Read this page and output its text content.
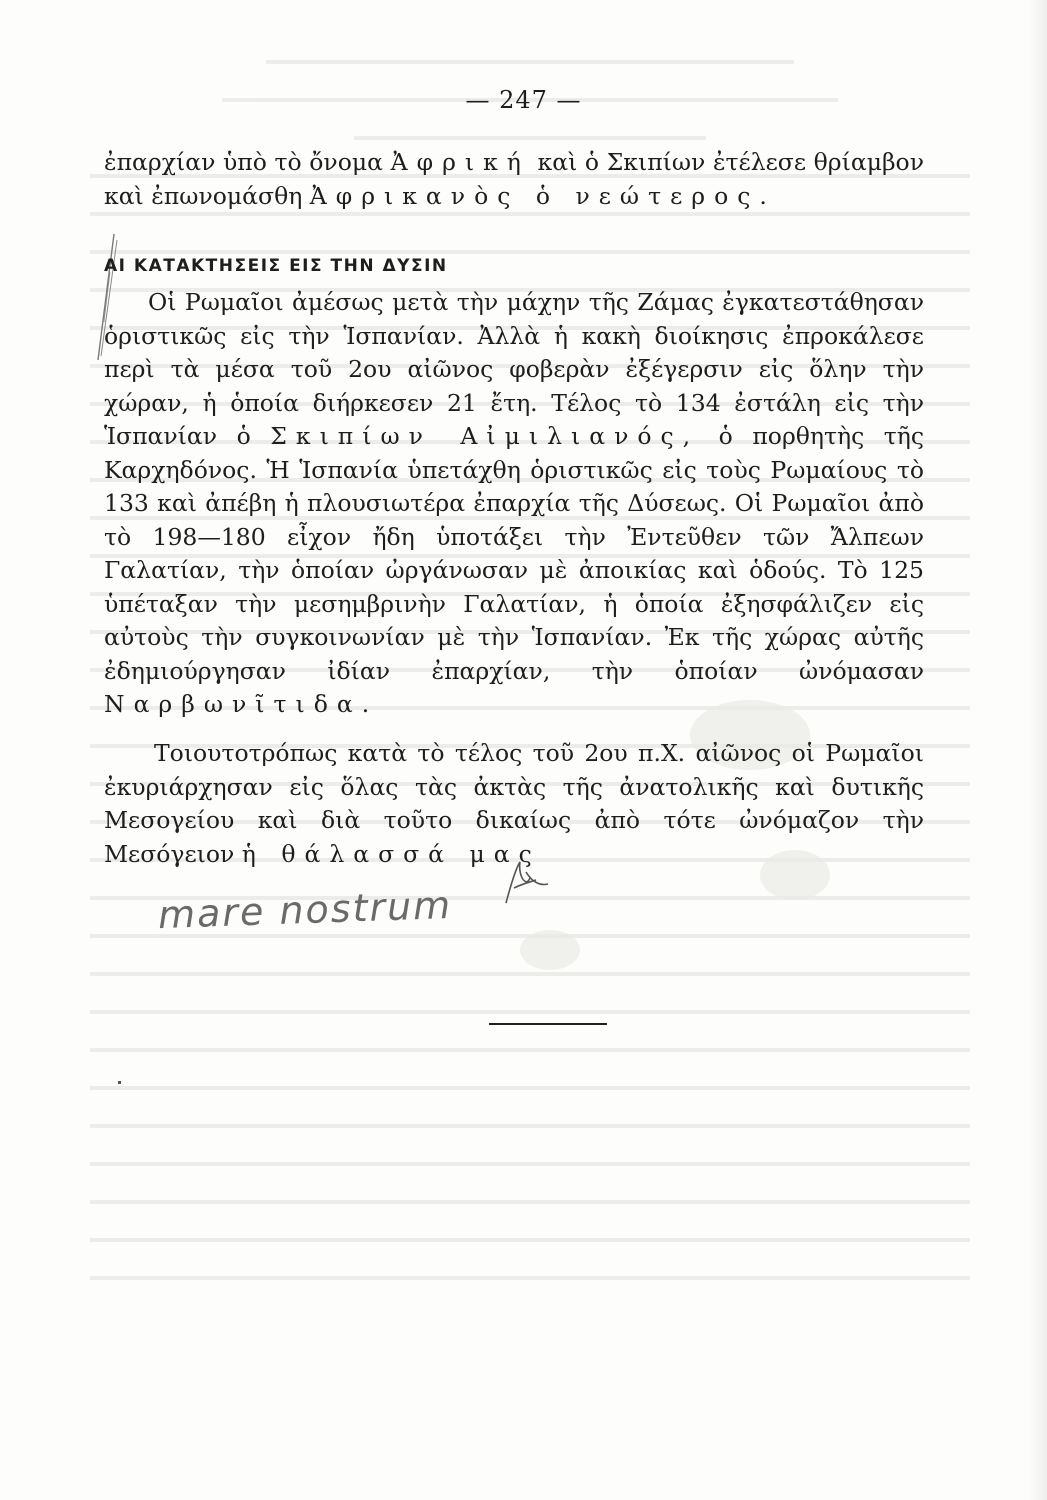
— 247 —
ἐπαρχίαν ὑπὸ τὸ ὄνομα Ἀφρική καὶ ὁ Σκιπίων ἐτέλεσε θρίαμβον καὶ ἐπωνομάσθη Ἀφρικανὸς ὁ νεώτερος.
ΑΙ ΚΑΤΑΚΤΗΣΕΙΣ ΕΙΣ ΤΗΝ ΔΥΣΙΝ
Οἱ Ρωμαῖοι ἀμέσως μετὰ τὴν μάχην τῆς Ζάμας ἐγκατεστάθησαν ὁριστικῶς εἰς τὴν Ἱσπανίαν. Ἀλλὰ ἡ κακὴ διοίκησις ἐπροκάλεσε περὶ τὰ μέσα τοῦ 2ου αἰῶνος φοβερὰν ἐξέγερσιν εἰς ὅλην τὴν χώραν, ἡ ὁποία διήρκεσεν 21 ἔτη. Τέλος τὸ 134 ἐστάλη εἰς τὴν Ἱσπανίαν ὁ Σκιπίων Αἰμιλιανός, ὁ πορθητὴς τῆς Καρχηδόνος. Ἡ Ἱσπανία ὑπετάχθη ὁριστικῶς εἰς τοὺς Ρωμαίους τὸ 133 καὶ ἀπέβη ἡ πλουσιωτέρα ἐπαρχία τῆς Δύσεως. Οἱ Ρωμαῖοι ἀπὸ τὸ 198—180 εἶχον ἤδη ὑποτάξει τὴν Ἐντεῦθεν τῶν Ἄλπεων Γαλατίαν, τὴν ὁποίαν ὠργάνωσαν μὲ ἀποικίας καὶ ὁδούς. Τὸ 125 ὑπέταξαν τὴν μεσημβρινὴν Γαλατίαν, ἡ ὁποία ἐξησφάλιζεν εἰς αὐτοὺς τὴν συγκοινωνίαν μὲ τὴν Ἱσπανίαν. Ἐκ τῆς χώρας αὐτῆς ἐδημιούργησαν ἰδίαν ἐπαρχίαν, τὴν ὁποίαν ὠνόμασαν Ναρβωνῖτιδα.
Τοιουτοτρόπως κατὰ τὸ τέλος τοῦ 2ου π.Χ. αἰῶνος οἱ Ρωμαῖοι ἐκυριάρχησαν εἰς ὅλας τὰς ἀκτὰς τῆς ἀνατολικῆς καὶ δυτικῆς Μεσογείου καὶ διὰ τοῦτο δικαίως ἀπὸ τότε ὠνόμαζον τὴν Μεσόγειον ἡ θάλασσά μας
mare nostrum
